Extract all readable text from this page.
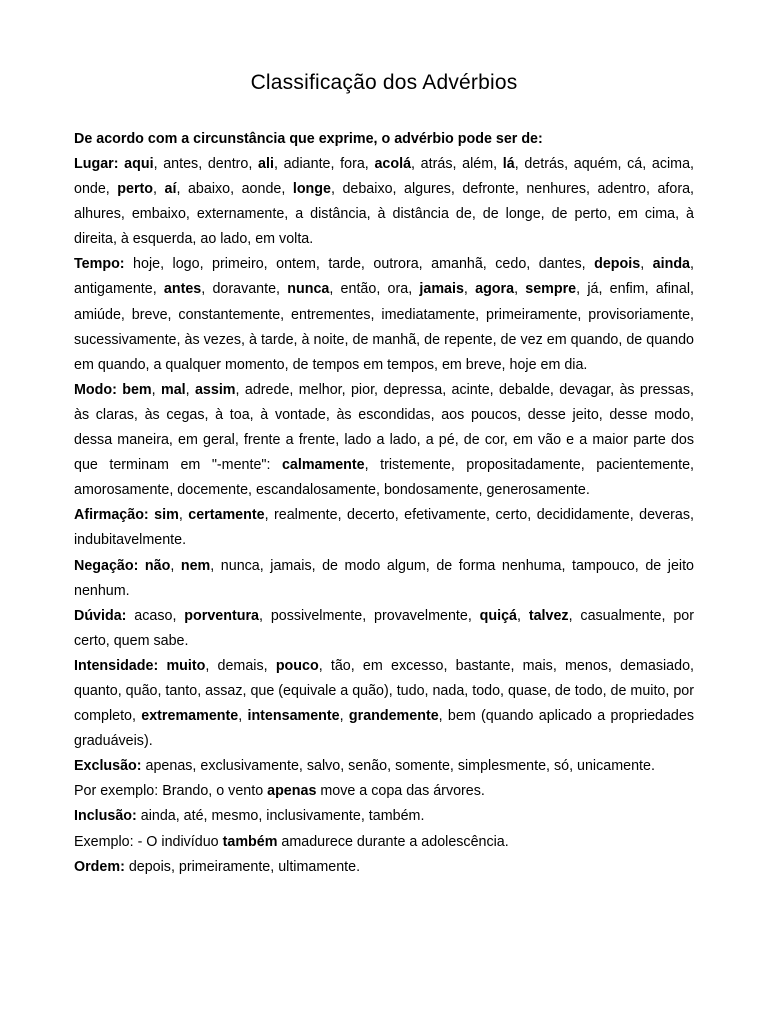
Classificação dos Advérbios

De acordo com a circunstância que exprime, o advérbio pode ser de:

Lugar: aqui, antes, dentro, ali, adiante, fora, acolá, atrás, além, lá, detrás, aquém, cá, acima, onde, perto, aí, abaixo, aonde, longe, debaixo, algures, defronte, nenhures, adentro, afora, alhures, embaixo, externamente, a distância, à distância de, de longe, de perto, em cima, à direita, à esquerda, ao lado, em volta.

Tempo: hoje, logo, primeiro, ontem, tarde, outrora, amanhã, cedo, dantes, depois, ainda, antigamente, antes, doravante, nunca, então, ora, jamais, agora, sempre, já, enfim, afinal, amiúde, breve, constantemente, entrementes, imediatamente, primeiramente, provisoriamente, sucessivamente, às vezes, à tarde, à noite, de manhã, de repente, de vez em quando, de quando em quando, a qualquer momento, de tempos em tempos, em breve, hoje em dia.

Modo: bem, mal, assim, adrede, melhor, pior, depressa, acinte, debalde, devagar, às pressas, às claras, às cegas, à toa, à vontade, às escondidas, aos poucos, desse jeito, desse modo, dessa maneira, em geral, frente a frente, lado a lado, a pé, de cor, em vão e a maior parte dos que terminam em "-mente": calmamente, tristemente, propositadamente, pacientemente, amorosamente, docemente, escandalosamente, bondosamente, generosamente.

Afirmação: sim, certamente, realmente, decerto, efetivamente, certo, decididamente, deveras, indubitavelmente.

Negação: não, nem, nunca, jamais, de modo algum, de forma nenhuma, tampouco, de jeito nenhum.

Dúvida: acaso, porventura, possivelmente, provavelmente, quiçá, talvez, casualmente, por certo, quem sabe.

Intensidade: muito, demais, pouco, tão, em excesso, bastante, mais, menos, demasiado, quanto, quão, tanto, assaz, que (equivale a quão), tudo, nada, todo, quase, de todo, de muito, por completo, extremamente, intensamente, grandemente, bem (quando aplicado a propriedades graduáveis).

Exclusão: apenas, exclusivamente, salvo, senão, somente, simplesmente, só, unicamente.

Por exemplo: Brando, o vento apenas move a copa das árvores.

Inclusão: ainda, até, mesmo, inclusivamente, também.

Exemplo: - O indivíduo também amadurece durante a adolescência.

Ordem: depois, primeiramente, ultimamente.
